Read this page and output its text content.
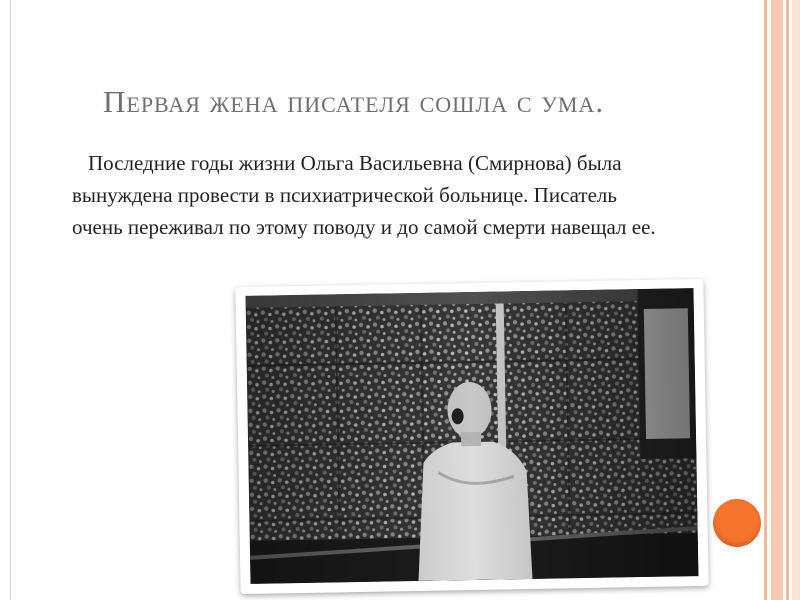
Первая жена писателя сошла с ума.
Последние годы жизни Ольга Васильевна (Смирнова) была вынуждена провести в психиатрической больнице. Писатель очень переживал по этому поводу и до самой смерти навещал ее.
